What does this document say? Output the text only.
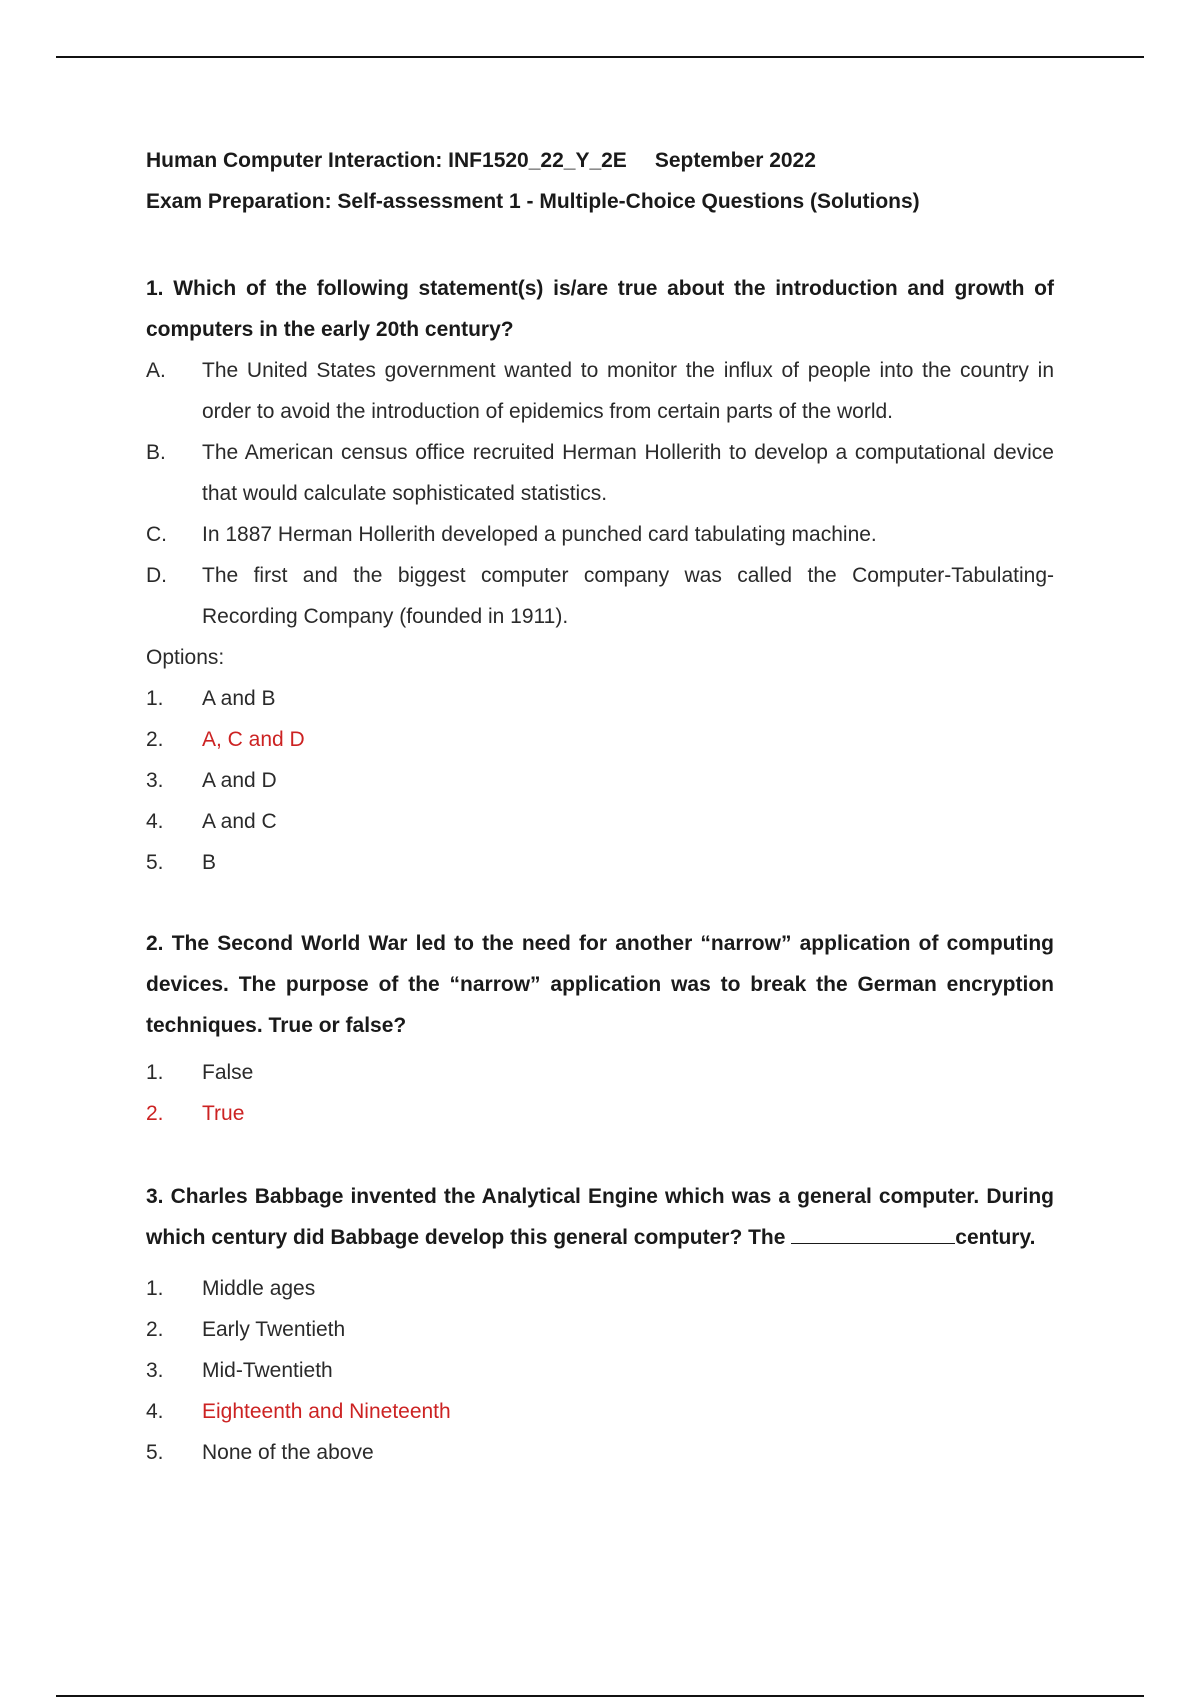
Human Computer Interaction: INF1520_22_Y_2E September 2022

Exam Preparation: Self-assessment 1 - Multiple-Choice Questions (Solutions)

1. Which of the following statement(s) is/are true about the introduction and growth of computers in the early 20th century?

A.	The United States government wanted to monitor the influx of people into the country in order to avoid the introduction of epidemics from certain parts of the world.
B.	The American census office recruited Herman Hollerith to develop a computational device that would calculate sophisticated statistics.
C.	In 1887 Herman Hollerith developed a punched card tabulating machine.
D.	The first and the biggest computer company was called the Computer-Tabulating-Recording Company (founded in 1911).

Options:

1.	A and B
2.	A, C and D
3.	A and D
4.	A and C
5.	B

2. The Second World War led to the need for another “narrow” application of computing devices. The purpose of the “narrow” application was to break the German encryption techniques. True or false?

1.	False
2.	True

3. Charles Babbage invented the Analytical Engine which was a general computer. During which century did Babbage develop this general computer? The	century.

1.	Middle ages
2.	Early Twentieth
3.	Mid-Twentieth
4.	Eighteenth and Nineteenth
5.	None of the above
